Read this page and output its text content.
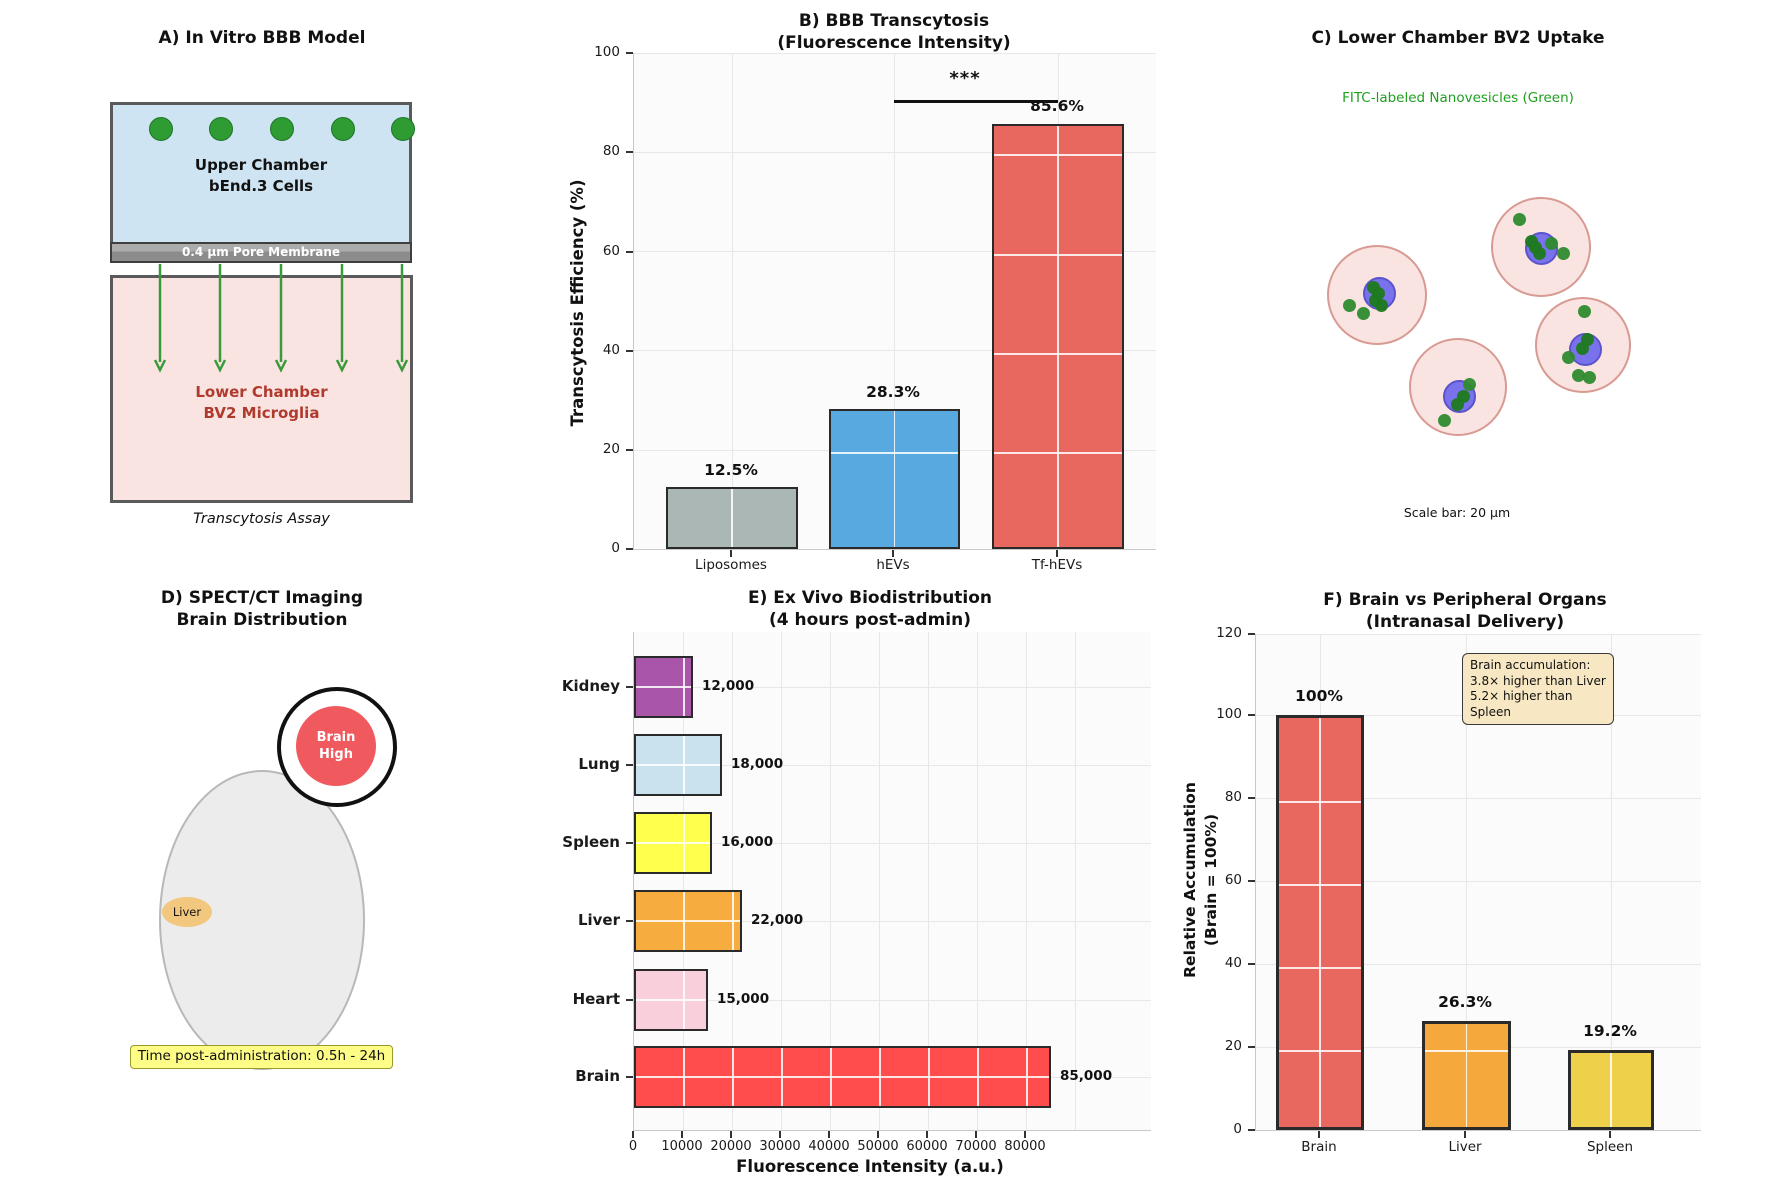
A) In Vitro BBB Model
Upper Chamber
bEnd.3 Cells
0.4 μm Pore Membrane
Lower Chamber
BV2 Microglia
Transcytosis Assay
B) BBB Transcytosis
(Fluorescence Intensity)
***
12.5%
28.3%
85.6%
0
20
40
60
80
100
Liposomes	hEVs	Tf-hEVs
Transcytosis Efficiency (%)
C) Lower Chamber BV2 Uptake
FITC-labeled Nanovesicles (Green)
Scale bar: 20 μm
D) SPECT/CT Imaging
Brain Distribution
Brain
High
Liver
Time post-administration: 0.5h - 24h
E) Ex Vivo Biodistribution
(4 hours post-admin)
Kidney
Lung
Spleen
Liver
Heart
Brain
12,000
18,000
16,000
22,000
15,000
85,000
0	10000 20000 30000 40000 50000 60000 70000 80000
Fluorescence Intensity (a.u.)
F) Brain vs Peripheral Organs
(Intranasal Delivery)
Brain accumulation:
3.8× higher than Liver
5.2× higher than Spleen
100%
26.3%
19.2%
0
20
40
60
80
100
120
Brain	Liver	Spleen
Relative Accumulation (Brain = 100%)
